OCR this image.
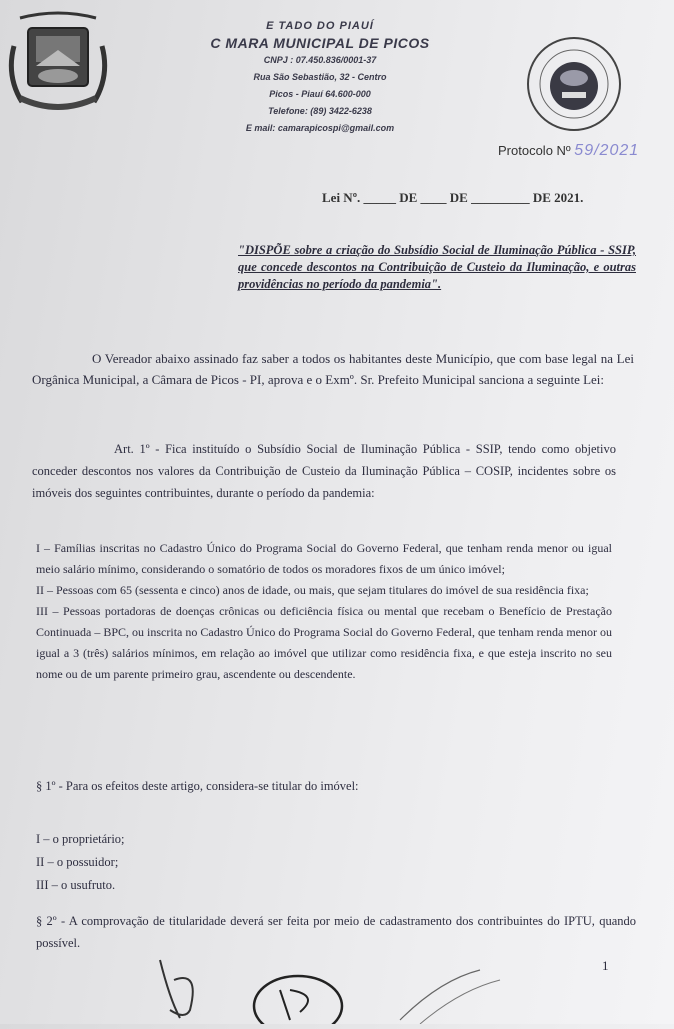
E TADO DO PIAUÍ
C MARA MUNICIPAL DE PICOS
CNPJ : 07.450.836/0001-37
Rua São Sebastião, 32 - Centro
Picos - Piauí 64.600-000
Telefone: (89) 3422-6238
E mail: camarapicospi@gmail.com
Protocolo Nº 59/2021
Lei Nº. _____ DE ____ DE _________ DE 2021.
"DISPÕE sobre a criação do Subsídio Social de Iluminação Pública - SSIP, que concede descontos na Contribuição de Custeio da Iluminação, e outras providências no período da pandemia".
O Vereador abaixo assinado faz saber a todos os habitantes deste Município, que com base legal na Lei Orgânica Municipal, a Câmara de Picos - PI, aprova e o Exmº. Sr. Prefeito Municipal sanciona a seguinte Lei:
Art. 1º - Fica instituído o Subsídio Social de Iluminação Pública - SSIP, tendo como objetivo conceder descontos nos valores da Contribuição de Custeio da Iluminação Pública – COSIP, incidentes sobre os imóveis dos seguintes contribuintes, durante o período da pandemia:

I – Famílias inscritas no Cadastro Único do Programa Social do Governo Federal, que tenham renda menor ou igual meio salário mínimo, considerando o somatório de todos os moradores fixos de um único imóvel;

II – Pessoas com 65 (sessenta e cinco) anos de idade, ou mais, que sejam titulares do imóvel de sua residência fixa;

III – Pessoas portadoras de doenças crônicas ou deficiência física ou mental que recebam o Benefício de Prestação Continuada – BPC, ou inscrita no Cadastro Único do Programa Social do Governo Federal, que tenham renda menor ou igual a 3 (três) salários mínimos, em relação ao imóvel que utilizar como residência fixa, e que esteja inscrito no seu nome ou de um parente primeiro grau, ascendente ou descendente.

§ 1º - Para os efeitos deste artigo, considera-se titular do imóvel:
I – o proprietário;
II – o possuidor;
III – o usufruto.
§ 2º - A comprovação de titularidade deverá ser feita por meio de cadastramento dos contribuintes do IPTU, quando possível.
1
